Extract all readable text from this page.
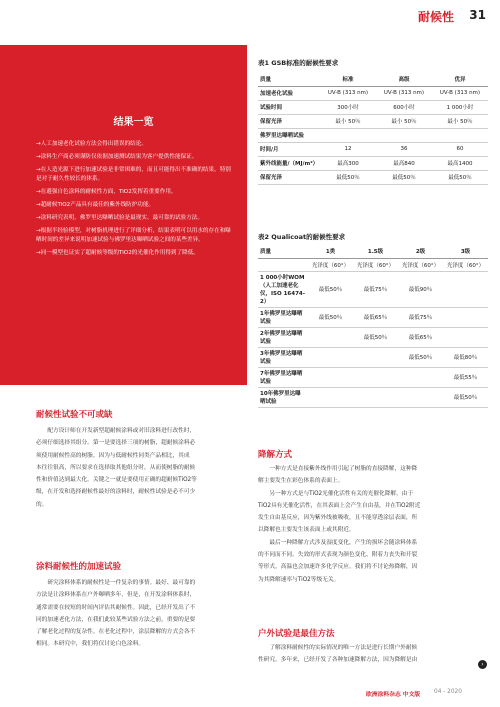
耐候性 31
结果一览
→人工加速老化试验方法会得出错误的结论。
→涂料生产商必须谨防仅依据加速测试结果为客户提供性能保证。
→在人造光源下进行加速试验是非常困难的，而且可能得出不准确的结果，特别是对于耐久性较长的体系。
→在避强自色涂料的耐候性方面，TiO2发挥着重要作用。
→超耐候TiO2产品具有最佳的紫外线防护功能。
→涂料研究表明，佛罗里达曝晒试验是最现实、最可靠的试验方法。
→根据半经验模型，对树脂机理进行了详细分析，结果表明可以用水的存在和曝晒时间的差异来说明加速试验与佛罗里达曝晒试验之间的某些差异。
→同一模型也证实了超耐候等级的TiO2的光催化作用得到了降低。
耐候性试验不可或缺
　　配方设计师在开发新型超耐候涂料或对旧涂料进行改性时，
必须仔细选择其组分。第一是要选择三项的树脂，超耐候涂料必
须使用耐候性高的树脂。因为与低耐候性同类产品相比，其成
本往往很高，所以要求在选择取其他组分时，从而使树脂的耐候
性和价值达到最大化。关键之一就是要使用正确的超耐候TiO2等
级，在开发和选择耐候性最好的涂料时，耐候性试验是必不可少
的。
涂料耐候性的加速试验
　　研究涂料体系的耐候性是一件复杂的事情。最好、最可靠的
方法是让涂料体系在户外曝晒多年，但是，在开发涂料体系时，
通常需要在较短的时间内评估其耐候性。因此，已经开发出了不
同的加速老化方法，在我们此较某些试验方法之前，重要的是要
了解老化过程的复杂性。在老化过程中，涂层降解的方式会各不
相同。本研究中，我们将仅讨论白色涂料。
表1 GSB标准的耐候性要求
质量	标准	高级	优异
加速老化试验	UV-B (313 nm)	UV-B (313 nm)	UV-B (313 nm)
试验时间	300小时	600小时	1 000小时
保留光泽	最小 50％	最小 50％	最小 50％
佛罗里达曝晒试验			
时间/月	12	36	60
紫外线能量/（MJ/m²）	最高300	最高840	最高1400
保留光泽	最低50％	最低50％	最低50％
表2 Qualicoat的耐候性要求
质量	1类	1.5级	2级	3级
	光泽度（60°）	光泽度（60°）	光泽度（60°）	光泽度（60°）
1 000小时WOM（人工加速老化仪，ISO 16474-2）	最低50％	最低75％	最低90％	
1年佛罗里达曝晒试验	最低50％	最低65％	最低75％	
2年佛罗里达曝晒试验		最低50％	最低65％	
3年佛罗里达曝晒试验			最低50％	最低80％
7年佛罗里达曝晒试验				最低55％
10年佛罗里达曝晒试验				最低50％
降解方式
　　一种方式是直接紫外线作用引起了树脂的直接降解，这种降
解主要发生在彩色体系的表面上。
　　另一种方式是与TiO2光催化活性有关的光催化降解，由于
TiO2具有光催化活性，在其表面上会产生自由基，并在TiO2附近
发生自由基反应，因为紫外线被吸收，且不能穿透涂层表面，所
以降解也主要发生该表面上或其附近。
　　最后一种降解方式涉及湿度变化，产生的损坏会随涂料体系
的不同而不同。失效的形式表现为颜色变化、附着力丧失和开裂
等形式。高温也会加速许多化学反应。我们将不讨论热降解，因
为其降解速率与TiO2等级无关。
户外试验是最佳方法
　　了解涂料耐候性的实际情况的唯一方法是进行长期户外耐候
性研究。多年来，已经开发了各种加速降解方法，因为降解是由
›
欧洲涂料杂志 中文版 04 - 2020
